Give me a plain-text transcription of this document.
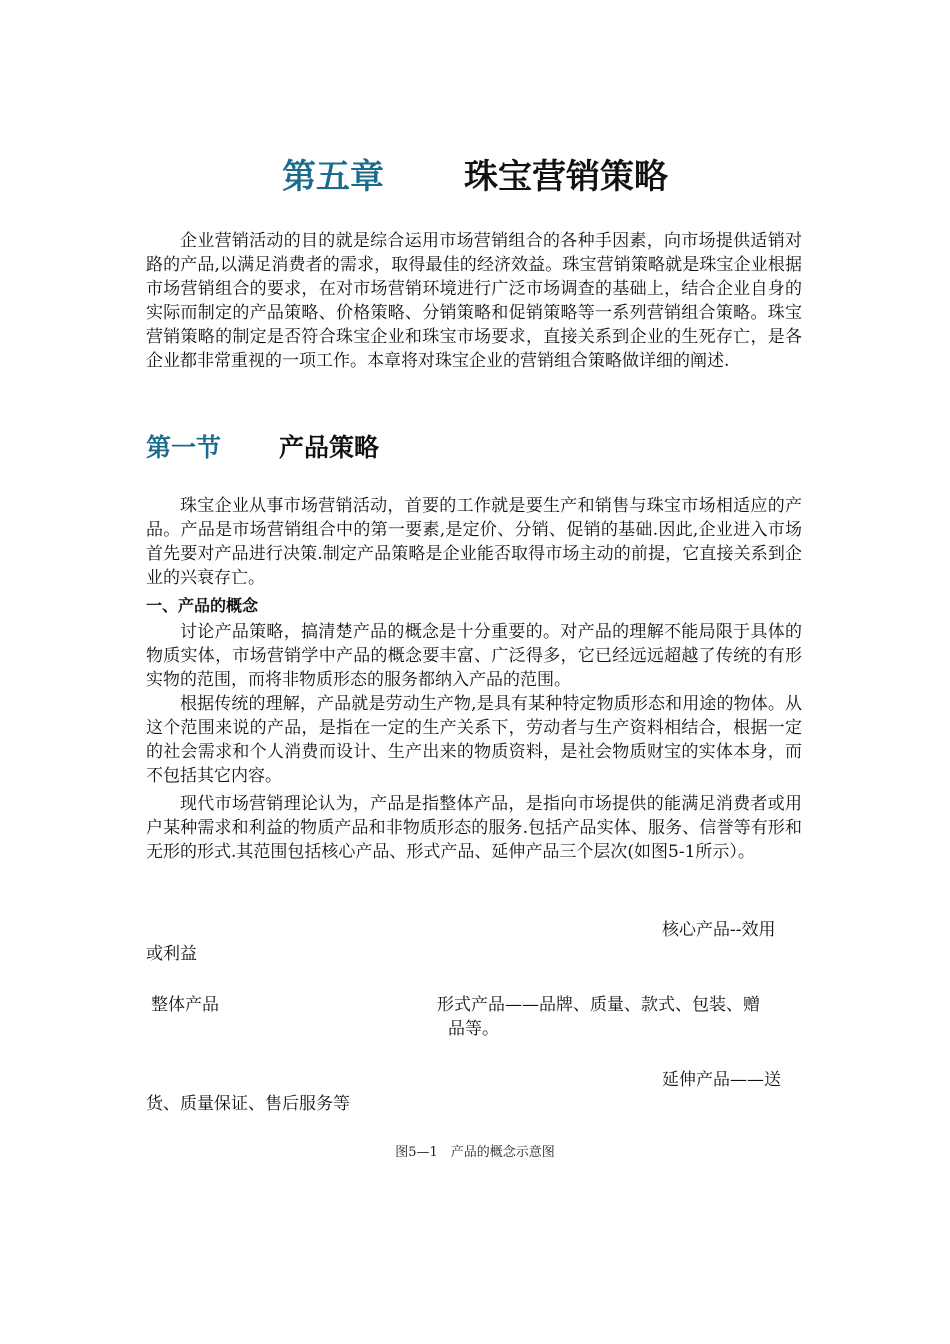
第五章 珠宝营销策略

企业营销活动的目的就是综合运用市场营销组合的各种手因素，向市场提供适销对路的产品,以满足消费者的需求，取得最佳的经济效益。珠宝营销策略就是珠宝企业根据市场营销组合的要求，在对市场营销环境进行广泛市场调查的基础上，结合企业自身的实际而制定的产品策略、价格策略、分销策略和促销策略等一系列营销组合策略。珠宝营销策略的制定是否符合珠宝企业和珠宝市场要求，直接关系到企业的生死存亡，是各企业都非常重视的一项工作。本章将对珠宝企业的营销组合策略做详细的阐述.

第一节 产品策略

珠宝企业从事市场营销活动，首要的工作就是要生产和销售与珠宝市场相适应的产品。产品是市场营销组合中的第一要素,是定价、分销、促销的基础.因此,企业进入市场首先要对产品进行决策.制定产品策略是企业能否取得市场主动的前提，它直接关系到企业的兴衰存亡。

一、产品的概念

讨论产品策略，搞清楚产品的概念是十分重要的。对产品的理解不能局限于具体的物质实体，市场营销学中产品的概念要丰富、广泛得多，它已经远远超越了传统的有形实物的范围，而将非物质形态的服务都纳入产品的范围。

根据传统的理解，产品就是劳动生产物,是具有某种特定物质形态和用途的物体。从这个范围来说的产品，是指在一定的生产关系下，劳动者与生产资料相结合，根据一定的社会需求和个人消费而设计、生产出来的物质资料，是社会物质财宝的实体本身，而不包括其它内容。

现代市场营销理论认为，产品是指整体产品，是指向市场提供的能满足消费者或用户某种需求和利益的物质产品和非物质形态的服务.包括产品实体、服务、信誉等有形和无形的形式.其范围包括核心产品、形式产品、延伸产品三个层次(如图5-1所示）。

核心产品--效用
或利益
整体产品	形式产品——品牌、质量、款式、包装、赠
品等。
延伸产品——送
货、质量保证、售后服务等
图5—1　产品的概念示意图
